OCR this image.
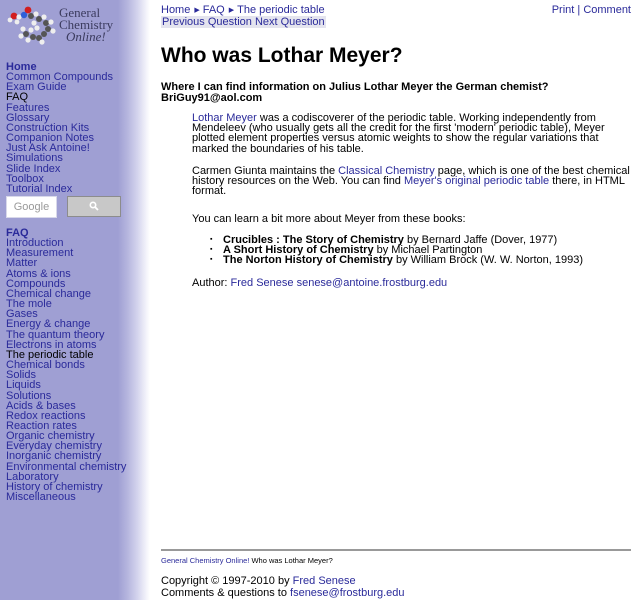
General
Chemistry
Online!
Home
Common Compounds
Exam Guide
FAQ
Features
Glossary
Construction Kits
Companion Notes
Just Ask Antoine!
Simulations
Slide Index
Toolbox
Tutorial Index
Google
FAQ
Introduction
Measurement
Matter
Atoms & ions
Compounds
Chemical change
The mole
Gases
Energy & change
The quantum theory
Electrons in atoms
The periodic table
Chemical bonds
Solids
Liquids
Solutions
Acids & bases
Redox reactions
Reaction rates
Organic chemistry
Everyday chemistry
Inorganic chemistry
Environmental chemistry
Laboratory
History of chemistry
Miscellaneous
Home ▶ FAQ ▶ The periodic table
Previous Question Next Question
Print | Comment
Who was Lothar Meyer?
Where I can find information on Julius Lothar Meyer the German chemist?
BriGuy91@aol.com

Lothar Meyer was a codiscoverer of the periodic table. Working independently from Mendeleev (who usually gets all the credit for the first 'modern' periodic table), Meyer plotted element properties versus atomic weights to show the regular variations that marked the boundaries of his table.

Carmen Giunta maintains the Classical Chemistry page, which is one of the best chemical history resources on the Web. You can find Meyer's original periodic table there, in HTML format.

You can learn a bit more about Meyer from these books:

▪ Crucibles : The Story of Chemistry by Bernard Jaffe (Dover, 1977)
▪ A Short History of Chemistry by Michael Partington
▪ The Norton History of Chemistry by William Brock (W. W. Norton, 1993)

Author: Fred Senese senese@antoine.frostburg.edu

General Chemistry Online! Who was Lothar Meyer?
Copyright © 1997-2010 by Fred Senese
Comments & questions to fsenese@frostburg.edu
